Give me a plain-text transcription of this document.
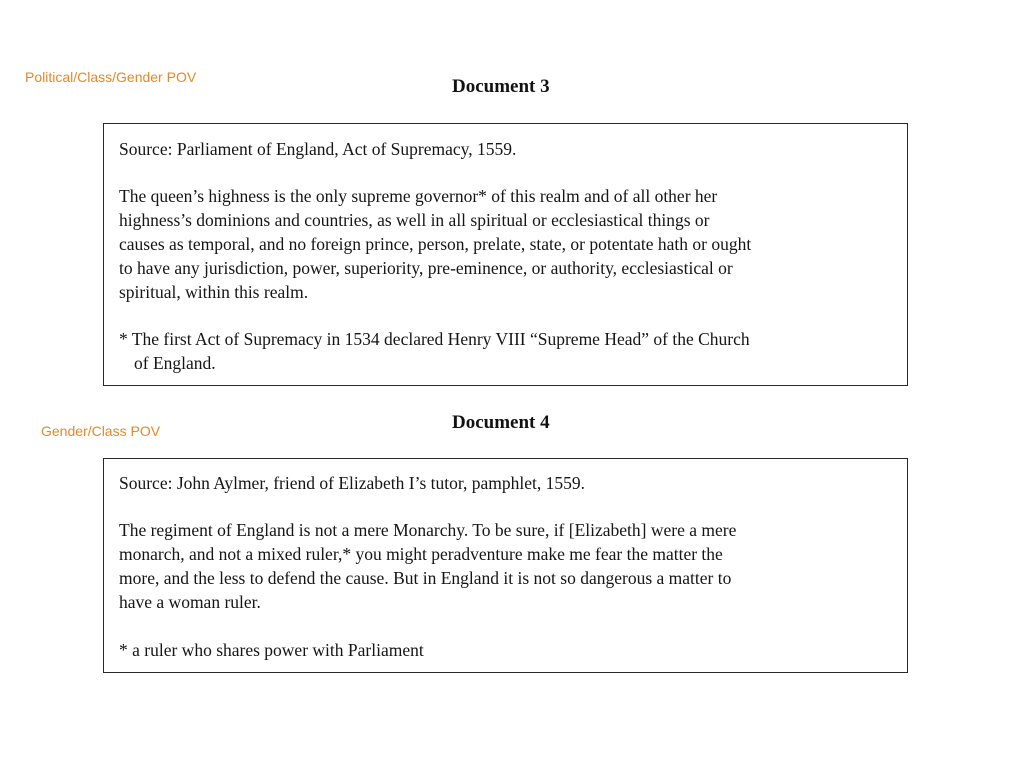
Political/Class/Gender POV
Gender/Class POV
Document 3
Source: Parliament of England, Act of Supremacy, 1559.
The queen’s highness is the only supreme governor* of this realm and of all other her
highness’s dominions and countries, as well in all spiritual or ecclesiastical things or
causes as temporal, and no foreign prince, person, prelate, state, or potentate hath or ought
to have any jurisdiction, power, superiority, pre-eminence, or authority, ecclesiastical or
spiritual, within this realm.
* The first Act of Supremacy in 1534 declared Henry VIII “Supreme Head” of the Church
of England.
Document 4
Source: John Aylmer, friend of Elizabeth I’s tutor, pamphlet, 1559.
The regiment of England is not a mere Monarchy. To be sure, if [Elizabeth] were a mere
monarch, and not a mixed ruler,* you might peradventure make me fear the matter the
more, and the less to defend the cause. But in England it is not so dangerous a matter to
have a woman ruler.
* a ruler who shares power with Parliament
